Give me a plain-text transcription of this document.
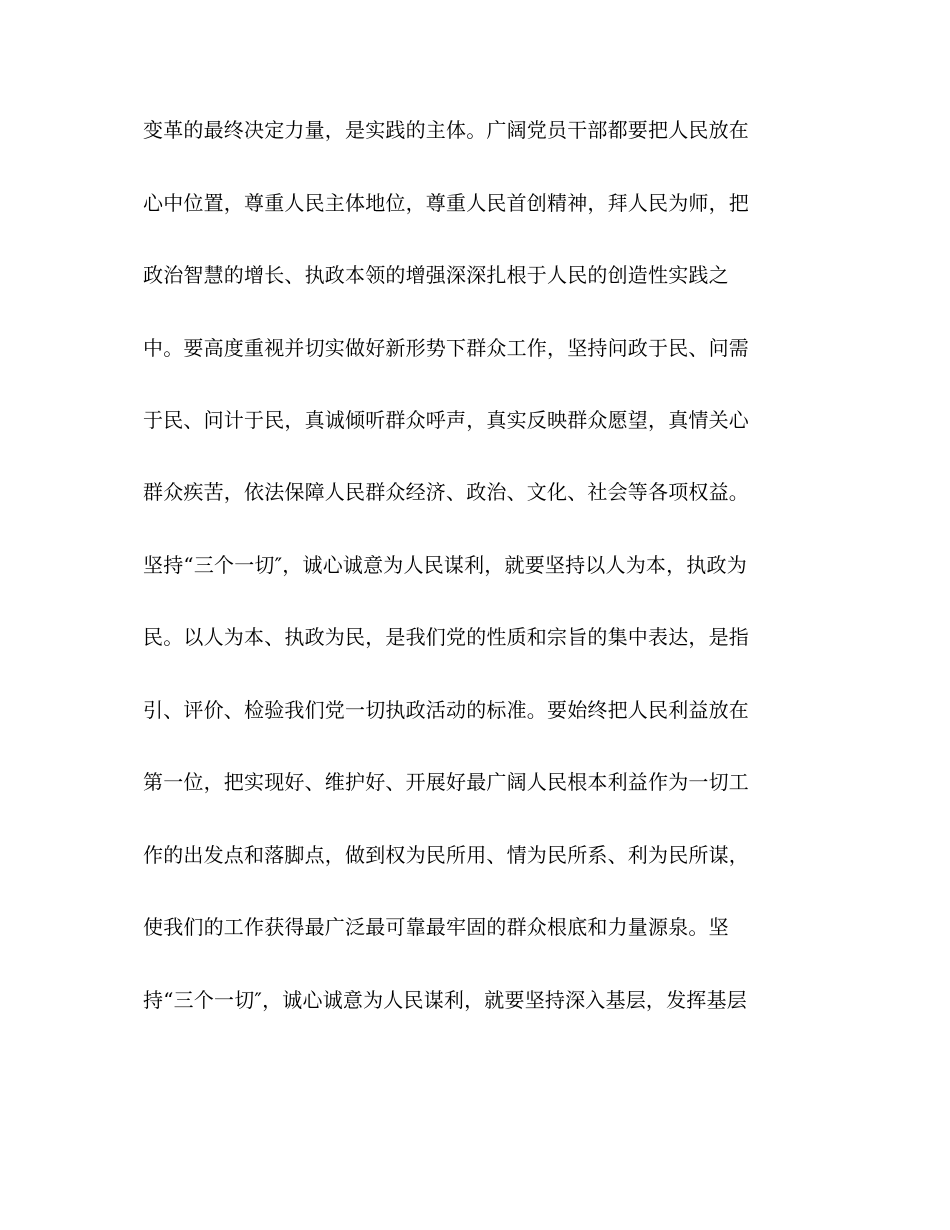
变革的最终决定力量，是实践的主体。广阔党员干部都要把人民放在

心中位置，尊重人民主体地位，尊重人民首创精神，拜人民为师，把

政治智慧的增长、执政本领的增强深深扎根于人民的创造性实践之

中。要高度重视并切实做好新形势下群众工作，坚持问政于民、问需

于民、问计于民，真诚倾听群众呼声，真实反映群众愿望，真情关心

群众疾苦，依法保障人民群众经济、政治、文化、社会等各项权益。

坚持“三个一切″，诚心诚意为人民谋利，就要坚持以人为本，执政为

民。以人为本、执政为民，是我们党的性质和宗旨的集中表达，是指

引、评价、检验我们党一切执政活动的标准。要始终把人民利益放在

第一位，把实现好、维护好、开展好最广阔人民根本利益作为一切工

作的出发点和落脚点，做到权为民所用、情为民所系、利为民所谋，

使我们的工作获得最广泛最可靠最牢固的群众根底和力量源泉。坚

持“三个一切″，诚心诚意为人民谋利，就要坚持深入基层，发挥基层
